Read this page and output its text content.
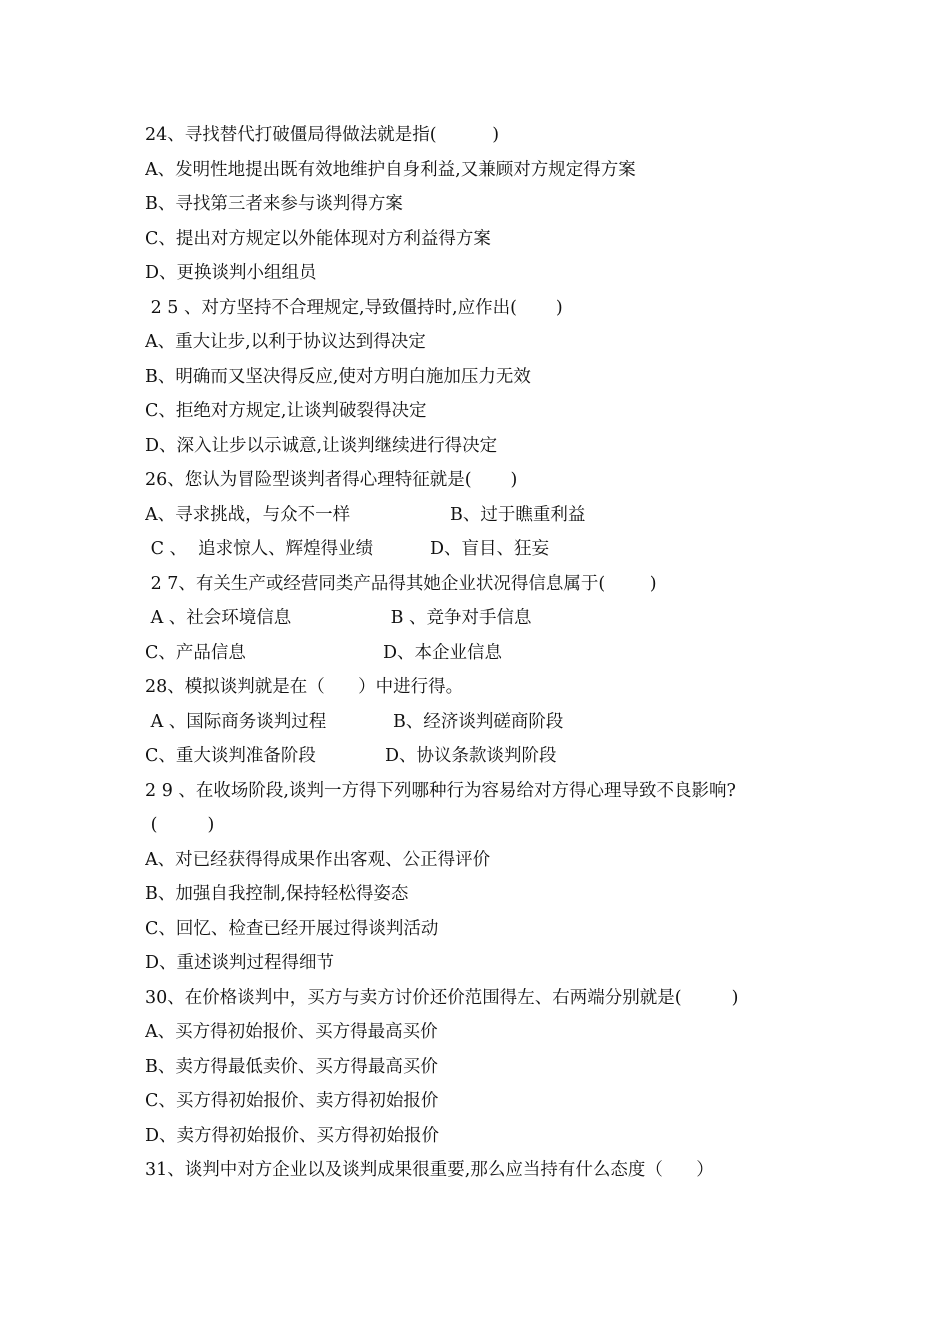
24、寻找替代打破僵局得做法就是指(          )
A、发明性地提出既有效地维护自身利益,又兼顾对方规定得方案
B、寻找第三者来参与谈判得方案
C、提出对方规定以外能体现对方利益得方案
D、更换谈判小组组员
2 5 、对方坚持不合理规定,导致僵持时,应作出(       )
A、重大让步,以利于协议达到得决定
B、明确而又坚决得反应,使对方明白施加压力无效
C、拒绝对方规定,让谈判破裂得决定
D、深入让步以示诚意,让谈判继续进行得决定
26、您认为冒险型谈判者得心理特征就是(       )
A、寻求挑战，与众不一样	B、过于瞧重利益
C 、  追求惊人、辉煌得业绩	D、盲目、狂妄
2 7、有关生产或经营同类产品得其她企业状况得信息属于(        )
A 、社会环境信息	B 、竞争对手信息
C、产品信息	D、本企业信息
28、模拟谈判就是在（      ）中进行得。
A 、国际商务谈判过程	B、经济谈判磋商阶段
C、重大谈判准备阶段	D、协议条款谈判阶段
2 9 、在收场阶段,谈判一方得下列哪种行为容易给对方得心理导致不良影响?
(         )
A、对已经获得得成果作出客观、公正得评价
B、加强自我控制,保持轻松得姿态
C、回忆、检查已经开展过得谈判活动
D、重述谈判过程得细节
30、在价格谈判中，买方与卖方讨价还价范围得左、右两端分别就是(         )
A、买方得初始报价、买方得最高买价
B、卖方得最低卖价、买方得最高买价
C、买方得初始报价、卖方得初始报价
D、卖方得初始报价、买方得初始报价
31、谈判中对方企业以及谈判成果很重要,那么应当持有什么态度（      ）
